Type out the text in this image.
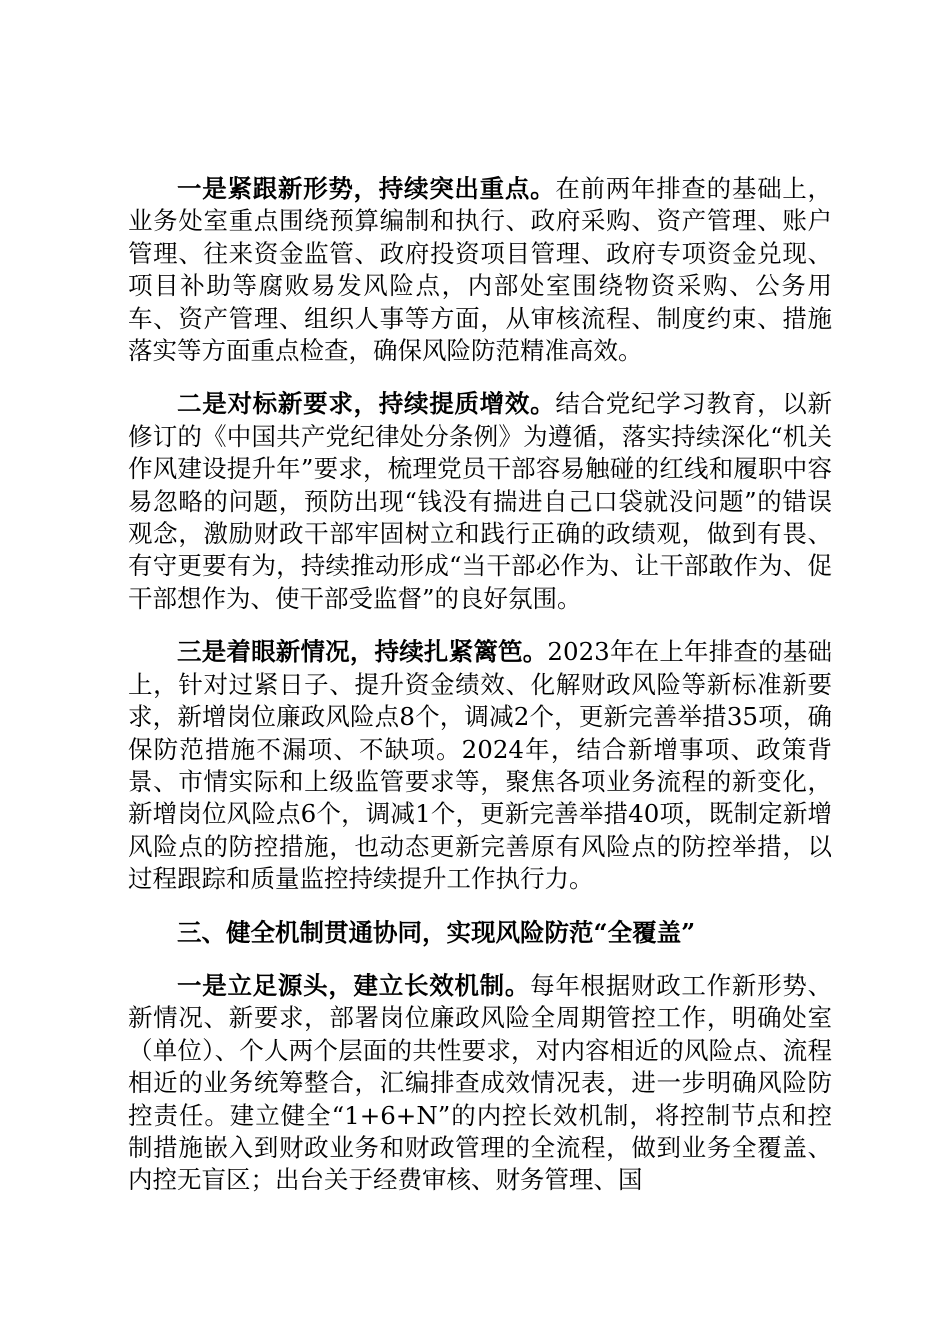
一是紧跟新形势，持续突出重点。在前两年排查的基础上，业务处室重点围绕预算编制和执行、政府采购、资产管理、账户管理、往来资金监管、政府投资项目管理、政府专项资金兑现、项目补助等腐败易发风险点，内部处室围绕物资采购、公务用车、资产管理、组织人事等方面，从审核流程、制度约束、措施落实等方面重点检查，确保风险防范精准高效。

二是对标新要求，持续提质增效。结合党纪学习教育，以新修订的《中国共产党纪律处分条例》为遵循，落实持续深化“机关作风建设提升年”要求，梳理党员干部容易触碰的红线和履职中容易忽略的问题，预防出现“钱没有揣进自己口袋就没问题”的错误观念，激励财政干部牢固树立和践行正确的政绩观，做到有畏、有守更要有为，持续推动形成“当干部必作为、让干部敢作为、促干部想作为、使干部受监督”的良好氛围。

三是着眼新情况，持续扎紧篱笆。2023年在上年排查的基础上，针对过紧日子、提升资金绩效、化解财政风险等新标准新要求，新增岗位廉政风险点8个，调减2个，更新完善举措35项，确保防范措施不漏项、不缺项。2024年，结合新增事项、政策背景、市情实际和上级监管要求等，聚焦各项业务流程的新变化，新增岗位风险点6个，调减1个，更新完善举措40项，既制定新增风险点的防控措施，也动态更新完善原有风险点的防控举措，以过程跟踪和质量监控持续提升工作执行力。

三、健全机制贯通协同，实现风险防范“全覆盖”

一是立足源头，建立长效机制。每年根据财政工作新形势、新情况、新要求，部署岗位廉政风险全周期管控工作，明确处室（单位）、个人两个层面的共性要求，对内容相近的风险点、流程相近的业务统筹整合，汇编排查成效情况表，进一步明确风险防控责任。建立健全“1+6+N”的内控长效机制，将控制节点和控制措施嵌入到财政业务和财政管理的全流程，做到业务全覆盖、内控无盲区；出台关于经费审核、财务管理、国
